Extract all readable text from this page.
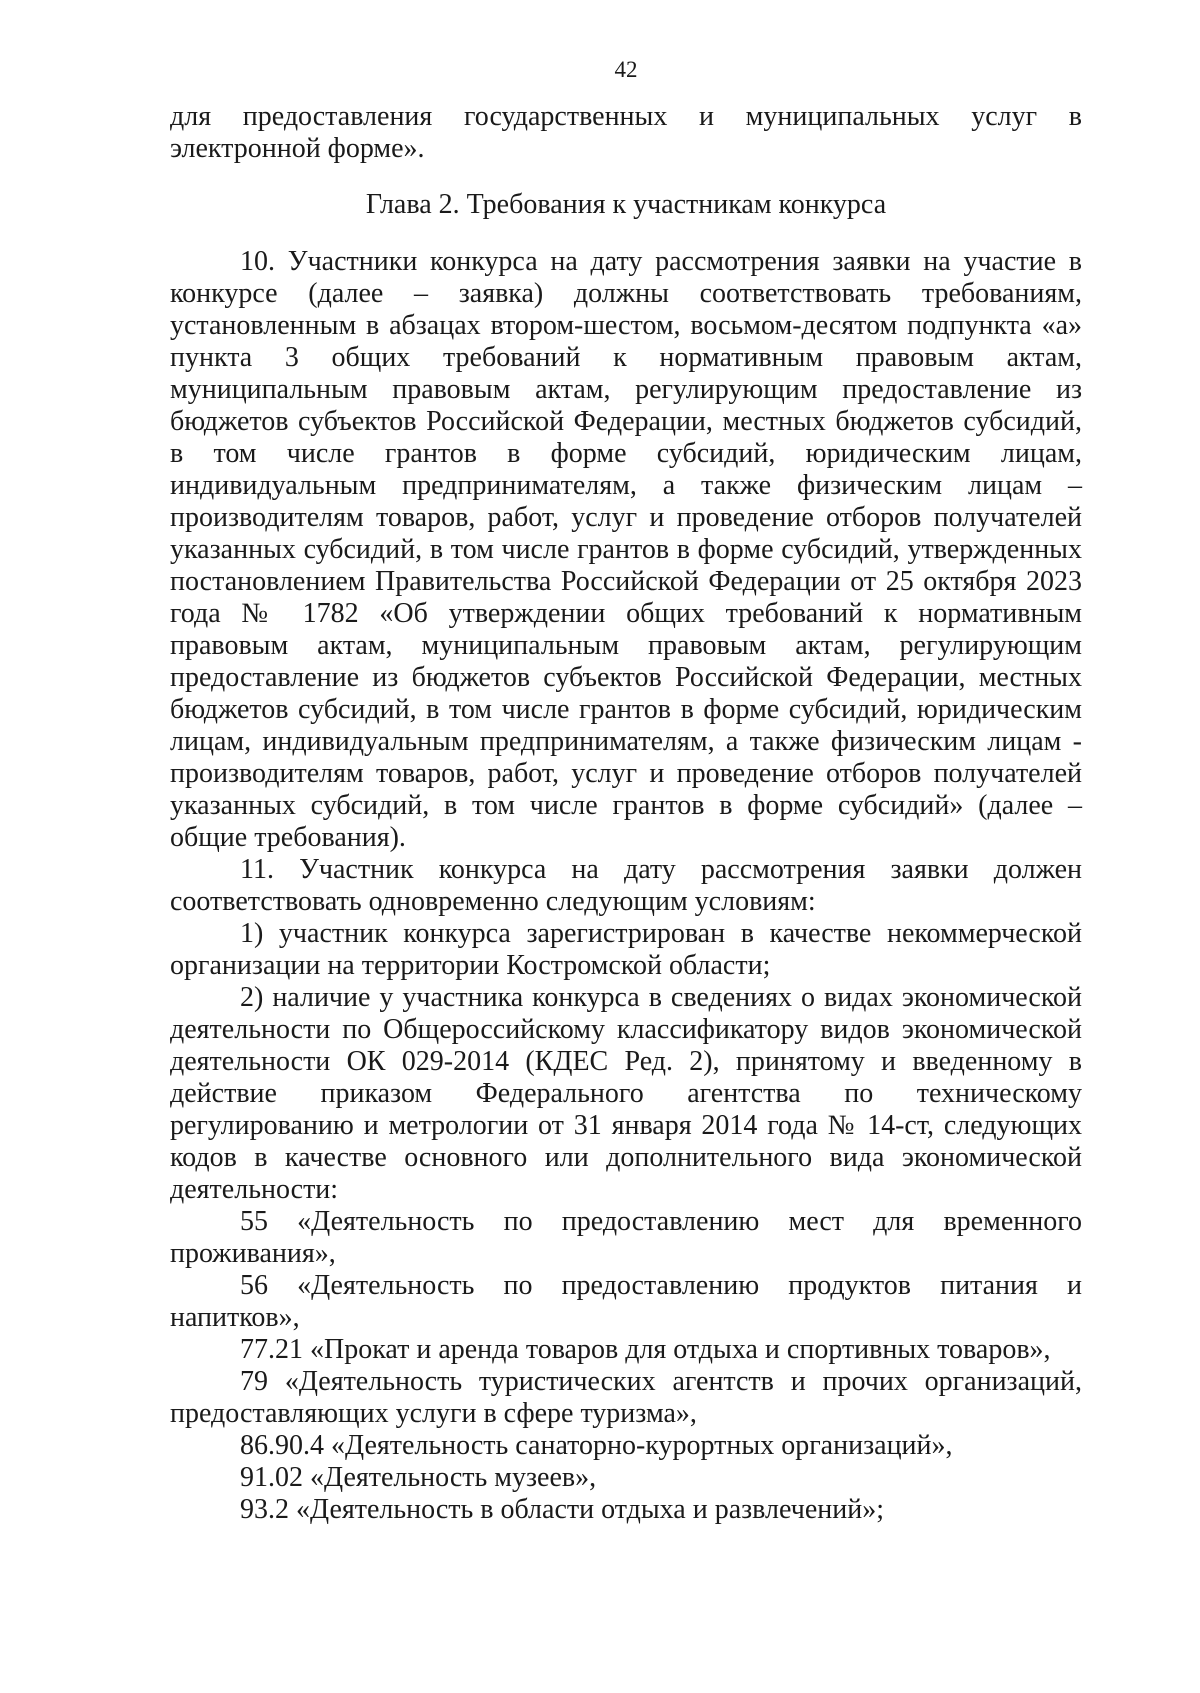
42

для предоставления государственных и муниципальных услуг в электронной форме».

Глава 2. Требования к участникам конкурса

10. Участники конкурса на дату рассмотрения заявки на участие в конкурсе (далее – заявка) должны соответствовать требованиям, установленным в абзацах втором-шестом, восьмом-десятом подпункта «а» пункта 3 общих требований к нормативным правовым актам, муниципальным правовым актам, регулирующим предоставление из бюджетов субъектов Российской Федерации, местных бюджетов субсидий, в том числе грантов в форме субсидий, юридическим лицам, индивидуальным предпринимателям, а также физическим лицам – производителям товаров, работ, услуг и проведение отборов получателей указанных субсидий, в том числе грантов в форме субсидий, утвержденных постановлением Правительства Российской Федерации от 25 октября 2023 года № 1782 «Об утверждении общих требований к нормативным правовым актам, муниципальным правовым актам, регулирующим предоставление из бюджетов субъектов Российской Федерации, местных бюджетов субсидий, в том числе грантов в форме субсидий, юридическим лицам, индивидуальным предпринимателям, а также физическим лицам - производителям товаров, работ, услуг и проведение отборов получателей указанных субсидий, в том числе грантов в форме субсидий» (далее – общие требования).

11. Участник конкурса на дату рассмотрения заявки должен соответствовать одновременно следующим условиям:

1) участник конкурса зарегистрирован в качестве некоммерческой организации на территории Костромской области;

2) наличие у участника конкурса в сведениях о видах экономической деятельности по Общероссийскому классификатору видов экономической деятельности ОК 029-2014 (КДЕС Ред. 2), принятому и введенному в действие приказом Федерального агентства по техническому регулированию и метрологии от 31 января 2014 года № 14-ст, следующих кодов в качестве основного или дополнительного вида экономической деятельности:

55 «Деятельность по предоставлению мест для временного проживания»,

56 «Деятельность по предоставлению продуктов питания и напитков»,

77.21 «Прокат и аренда товаров для отдыха и спортивных товаров»,

79 «Деятельность туристических агентств и прочих организаций, предоставляющих услуги в сфере туризма»,

86.90.4 «Деятельность санаторно-курортных организаций»,

91.02 «Деятельность музеев»,

93.2 «Деятельность в области отдыха и развлечений»;
